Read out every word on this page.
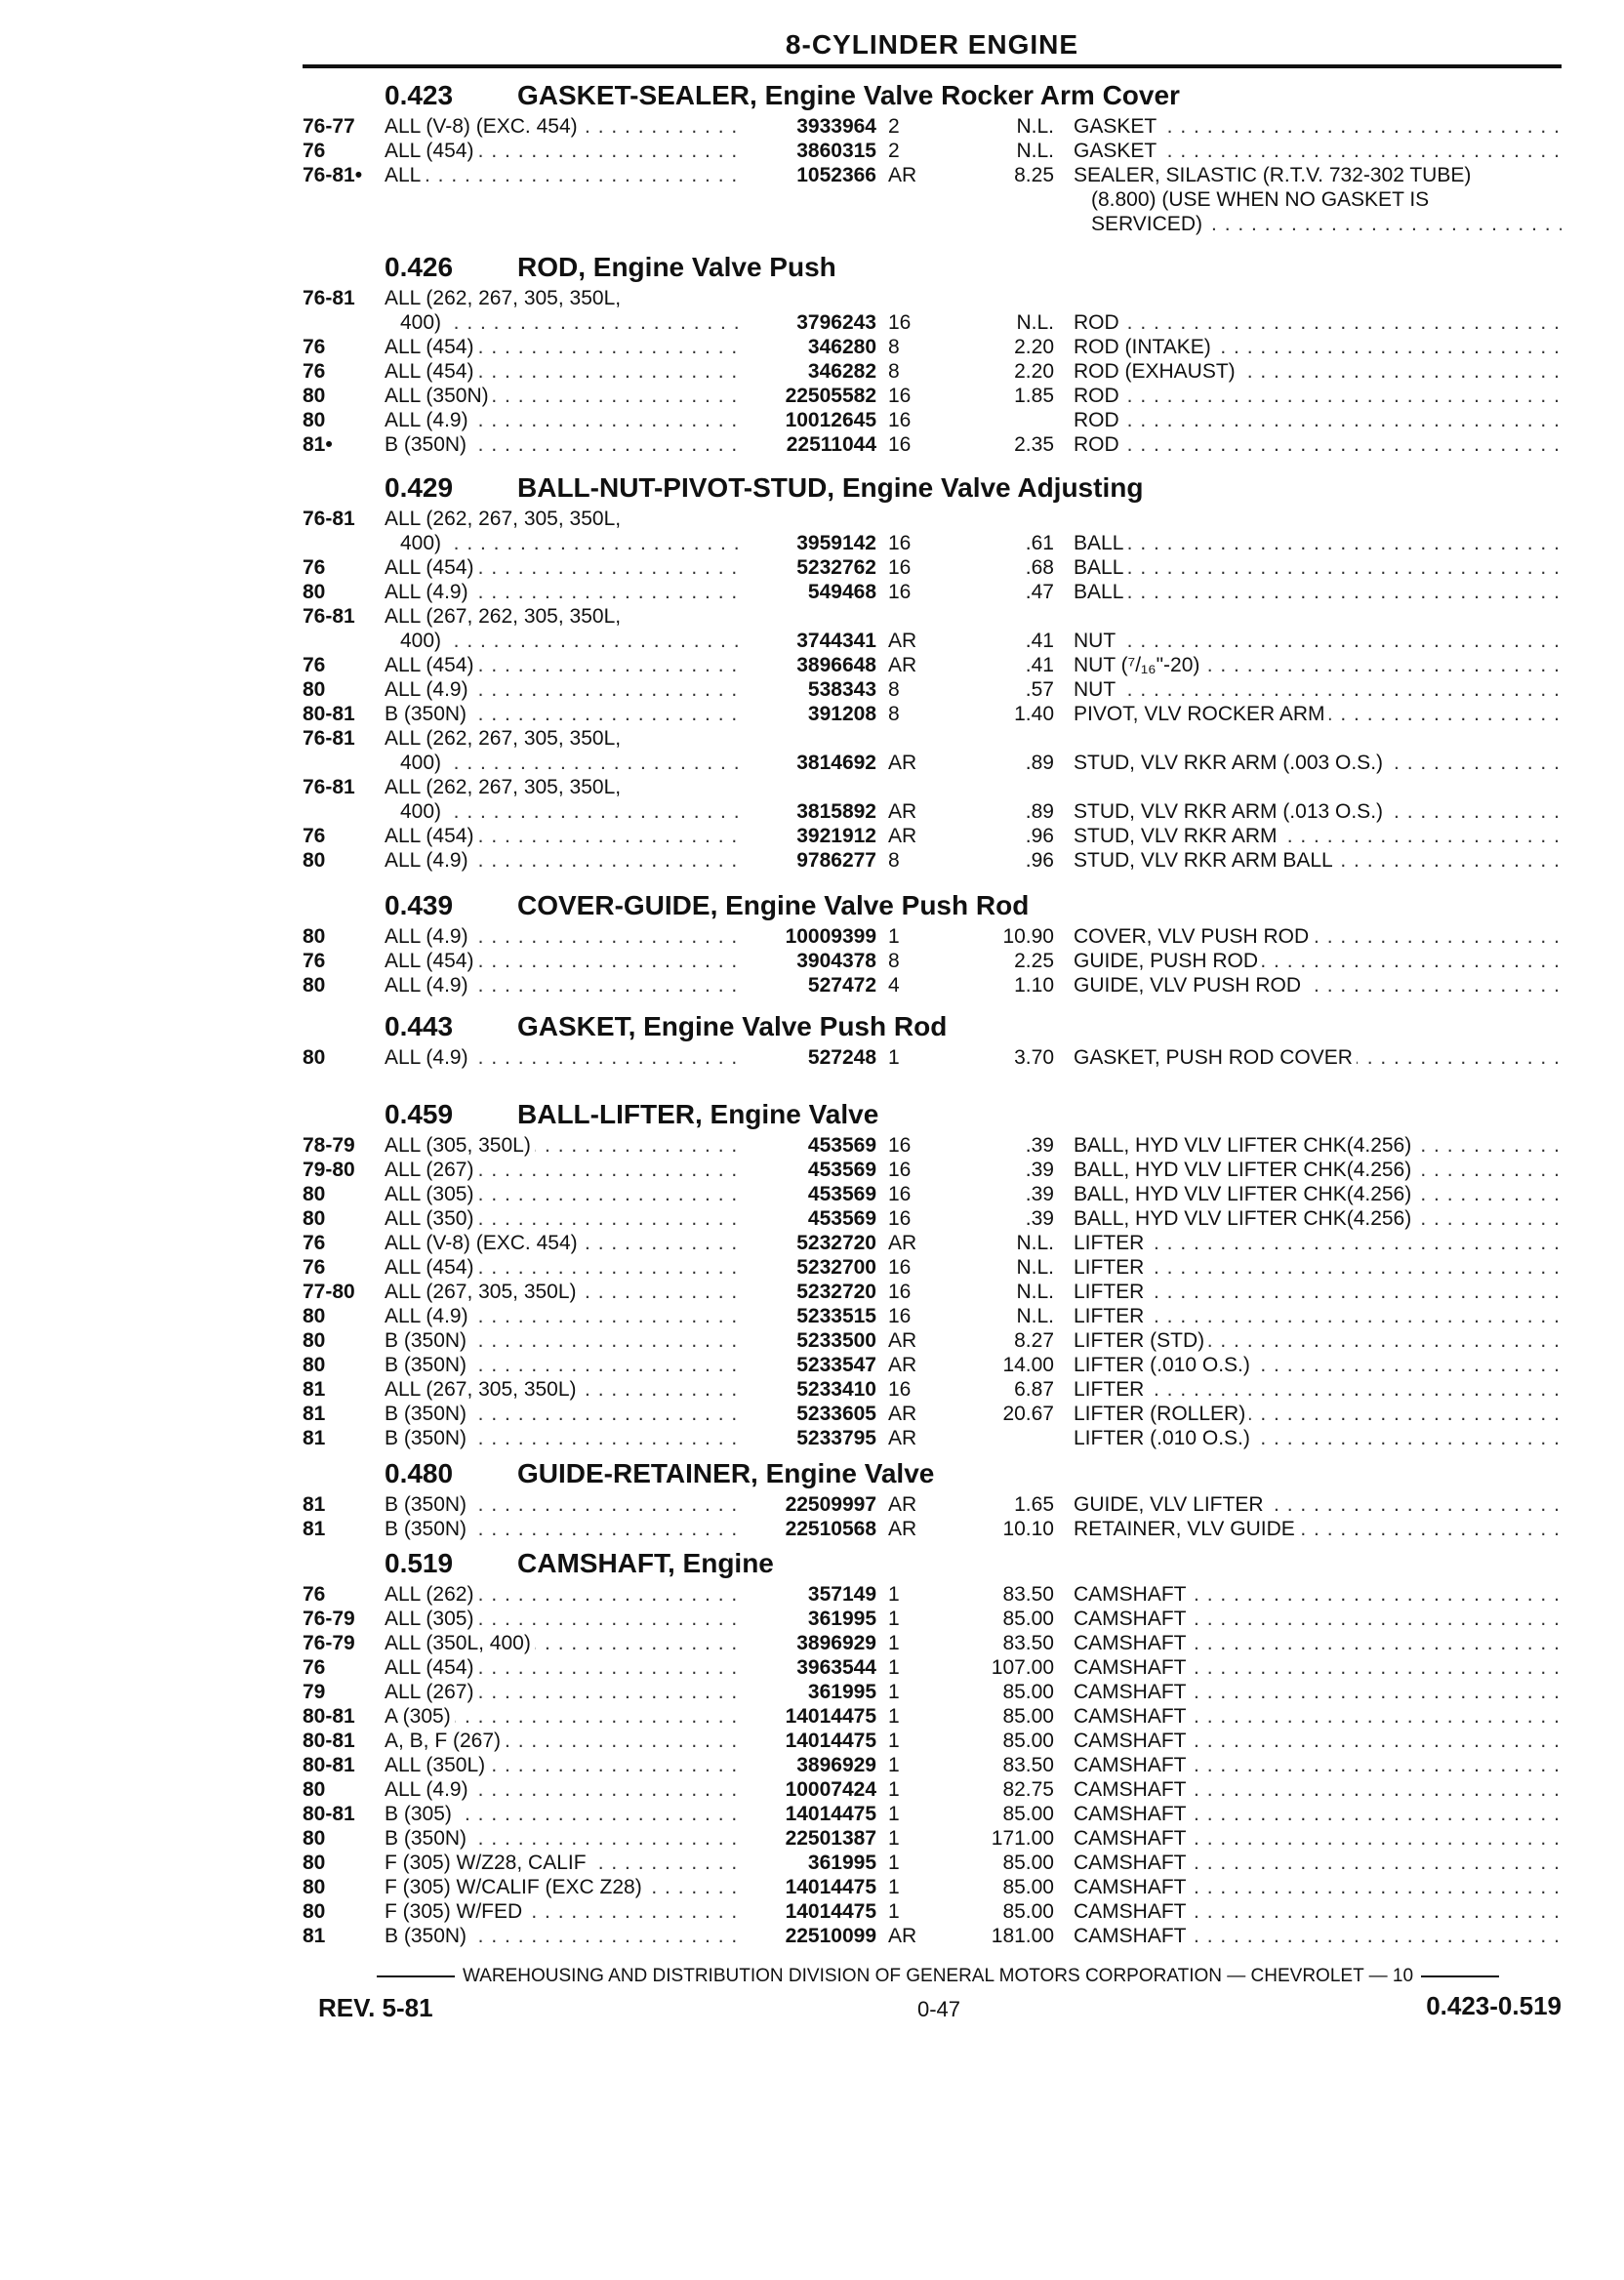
8-CYLINDER ENGINE
0.423 GASKET-SEALER, Engine Valve Rocker Arm Cover
76-77	ALL (V-8) (EXC. 454) . . .	3933964 2	N.L. GASKET . . .
76	ALL (454) . . .	3860315 2	N.L. GASKET . . .
76-81•	ALL . . .	1052366 AR	8.25 SEALER, SILASTIC (R.T.V. 732-302 TUBE)
(8.800) (USE WHEN NO GASKET IS
SERVICED) . . .
0.426 ROD, Engine Valve Push
76-81	ALL (262, 267, 305, 350L,
400) . . .	3796243 16	N.L. ROD . . .
76	ALL (454) . . .	346280 8	2.20 ROD (INTAKE) . . .
76	ALL (454) . . .	346282 8	2.20 ROD (EXHAUST) . . .
80	ALL (350N) . . .	22505582 16	1.85 ROD . . .
80	ALL (4.9) . . .	10012645 16	ROD . . .
81•	B (350N) . . .	22511044 16	2.35 ROD . . .
0.429 BALL-NUT-PIVOT-STUD, Engine Valve Adjusting
76-81	ALL (262, 267, 305, 350L,
400) . . .	3959142 16	.61 BALL . . .
76	ALL (454) . . .	5232762 16	.68 BALL . . .
80	ALL (4.9) . . .	549468 16	.47 BALL . . .
76-81	ALL (267, 262, 305, 350L,
400) . . .	3744341 AR	.41 NUT . . .
76	ALL (454) . . .	3896648 AR	.41 NUT (⁷/₁₆"-20) . . .
80	ALL (4.9) . . .	538343 8	.57 NUT . . .
80-81	B (350N) . . .	391208 8	1.40 PIVOT, VLV ROCKER ARM . . .
76-81	ALL (262, 267, 305, 350L,
400) . . .	3814692 AR	.89 STUD, VLV RKR ARM (.003 O.S.) . . .
76-81	ALL (262, 267, 305, 350L,
400) . . .	3815892 AR	.89 STUD, VLV RKR ARM (.013 O.S.) . . .
76	ALL (454) . . .	3921912 AR	.96 STUD, VLV RKR ARM . . .
80	ALL (4.9) . . .	9786277 8	.96 STUD, VLV RKR ARM BALL . . .
0.439 COVER-GUIDE, Engine Valve Push Rod
80	ALL (4.9) . . .	10009399 1	10.90 COVER, VLV PUSH ROD . . .
76	ALL (454) . . .	3904378 8	2.25 GUIDE, PUSH ROD . . .
80	ALL (4.9) . . .	527472 4	1.10 GUIDE, VLV PUSH ROD . . .
0.443 GASKET, Engine Valve Push Rod
80	ALL (4.9) . . .	527248 1	3.70 GASKET, PUSH ROD COVER . . .
0.459 BALL-LIFTER, Engine Valve
78-79	ALL (305, 350L) . . .	453569 16	.39 BALL, HYD VLV LIFTER CHK(4.256) . . .
79-80	ALL (267) . . .	453569 16	.39 BALL, HYD VLV LIFTER CHK(4.256) . . .
80	ALL (305) . . .	453569 16	.39 BALL, HYD VLV LIFTER CHK(4.256) . . .
80	ALL (350) . . .	453569 16	.39 BALL, HYD VLV LIFTER CHK(4.256) . . .
76	ALL (V-8) (EXC. 454) . . .	5232720 AR	N.L. LIFTER . . .
76	ALL (454) . . .	5232700 16	N.L. LIFTER . . .
77-80	ALL (267, 305, 350L) . . .	5232720 16	N.L. LIFTER . . .
80	ALL (4.9) . . .	5233515 16	N.L. LIFTER . . .
80	B (350N) . . .	5233500 AR	8.27 LIFTER (STD) . . .
80	B (350N) . . .	5233547 AR	14.00 LIFTER (.010 O.S.) . . .
81	ALL (267, 305, 350L) . . .	5233410 16	6.87 LIFTER . . .
81	B (350N) . . .	5233605 AR	20.67 LIFTER (ROLLER) . . .
81	B (350N) . . .	5233795 AR	LIFTER (.010 O.S.) . . .
0.480 GUIDE-RETAINER, Engine Valve
81	B (350N) . . .	22509997 AR	1.65 GUIDE, VLV LIFTER . . .
81	B (350N) . . .	22510568 AR	10.10 RETAINER, VLV GUIDE . . .
0.519 CAMSHAFT, Engine
76	ALL (262) . . .	357149 1	83.50 CAMSHAFT . . .
76-79	ALL (305) . . .	361995 1	85.00 CAMSHAFT . . .
76-79	ALL (350L, 400) . . .	3896929 1	83.50 CAMSHAFT . . .
76	ALL (454) . . .	3963544 1	107.00 CAMSHAFT . . .
79	ALL (267) . . .	361995 1	85.00 CAMSHAFT . . .
80-81	A (305) . . .	14014475 1	85.00 CAMSHAFT . . .
80-81	A, B, F (267) . . .	14014475 1	85.00 CAMSHAFT . . .
80-81	ALL (350L) . . .	3896929 1	83.50 CAMSHAFT . . .
80	ALL (4.9) . . .	10007424 1	82.75 CAMSHAFT . . .
80-81	B (305) . . .	14014475 1	85.00 CAMSHAFT . . .
80	B (350N) . . .	22501387 1	171.00 CAMSHAFT . . .
80	F (305) W/Z28, CALIF . . .	361995 1	85.00 CAMSHAFT . . .
80	F (305) W/CALIF (EXC Z28) . . .	14014475 1	85.00 CAMSHAFT . . .
80	F (305) W/FED . . .	14014475 1	85.00 CAMSHAFT . . .
81	B (350N) . . .	22510099 AR	181.00 CAMSHAFT . . .
WAREHOUSING AND DISTRIBUTION DIVISION OF GENERAL MOTORS CORPORATION — CHEVROLET — 10
REV. 5-81	0-47	0.423-0.519
